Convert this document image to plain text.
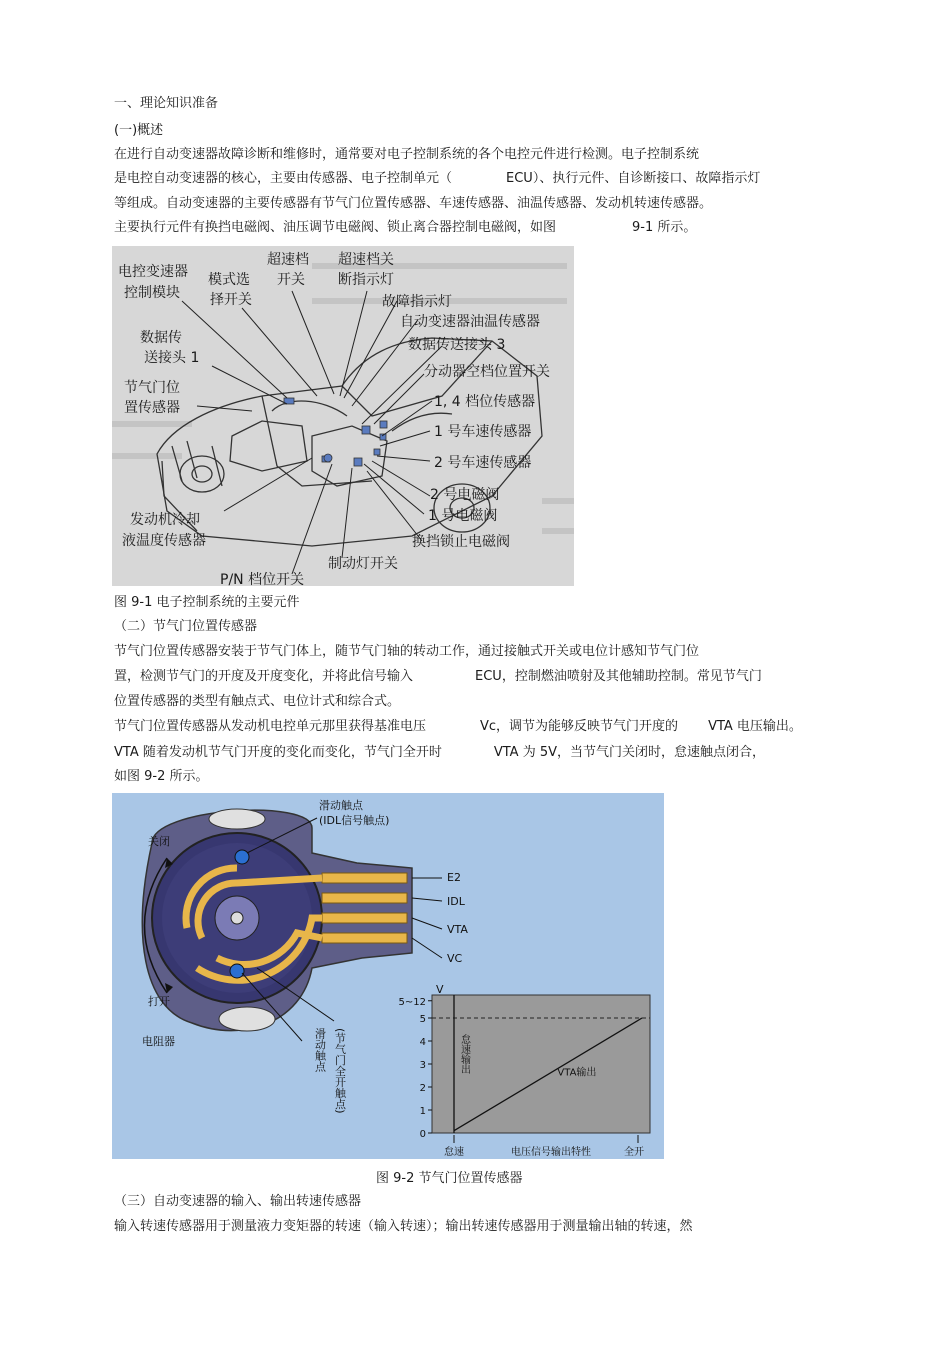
一、理论知识准备
(一)概述
在进行自动变速器故障诊断和维修时，通常要对电子控制系统的各个电控元件进行检测。电子控制系统
是电控自动变速器的核心，主要由传感器、电子控制单元（	ECU）、执行元件、自诊断接口、故障指示灯
等组成。自动变速器的主要传感器有节气门位置传感器、车速传感器、油温传感器、发动机转速传感器。
主要执行元件有换挡电磁阀、油压调节电磁阀、锁止离合器控制电磁阀，如图	9-1 所示。
电控变速器
控制模块
模式选
择开关
超速档
开关
超速档关
断指示灯
故障指示灯
自动变速器油温传感器
数据传
送接头 1
数据传送接头 3
节气门位
置传感器
分动器空档位置开关
1, 4 档位传感器
1 号车速传感器
2 号车速传感器
2 号电磁阀
1 号电磁阀
发动机冷却
液温度传感器	换挡锁止电磁阀
制动灯开关
P/N 档位开关
图 9-1 电子控制系统的主要元件
（二）节气门位置传感器
节气门位置传感器安装于节气门体上，随节气门轴的转动工作，通过接触式开关或电位计感知节气门位
置，检测节气门的开度及开度变化，并将此信号输入	ECU，控制燃油喷射及其他辅助控制。常见节气门
位置传感器的类型有触点式、电位计式和综合式。
节气门位置传感器从发动机电控单元那里获得基准电压	Vc，调节为能够反映节气门开度的 VTA 电压输出。
VTA 随着发动机节气门开度的变化而变化，节气门全开时	VTA 为 5V，当节气门关闭时，怠速触点闭合，
如图 9-2 所示。
滑动触点
(IDL信号触点)
关闭
打开
电阻器
E2
IDL
VTA
VC
滑动触点 (节气门全开触点)
0
1
2
3
4
5
5~12
V
怠速输出	VTA输出
怠速	电压信号输出特性	全开
图 9-2 节气门位置传感器
（三）自动变速器的输入、输出转速传感器
输入转速传感器用于测量液力变矩器的转速（输入转速）；输出转速传感器用于测量输出轴的转速，然
